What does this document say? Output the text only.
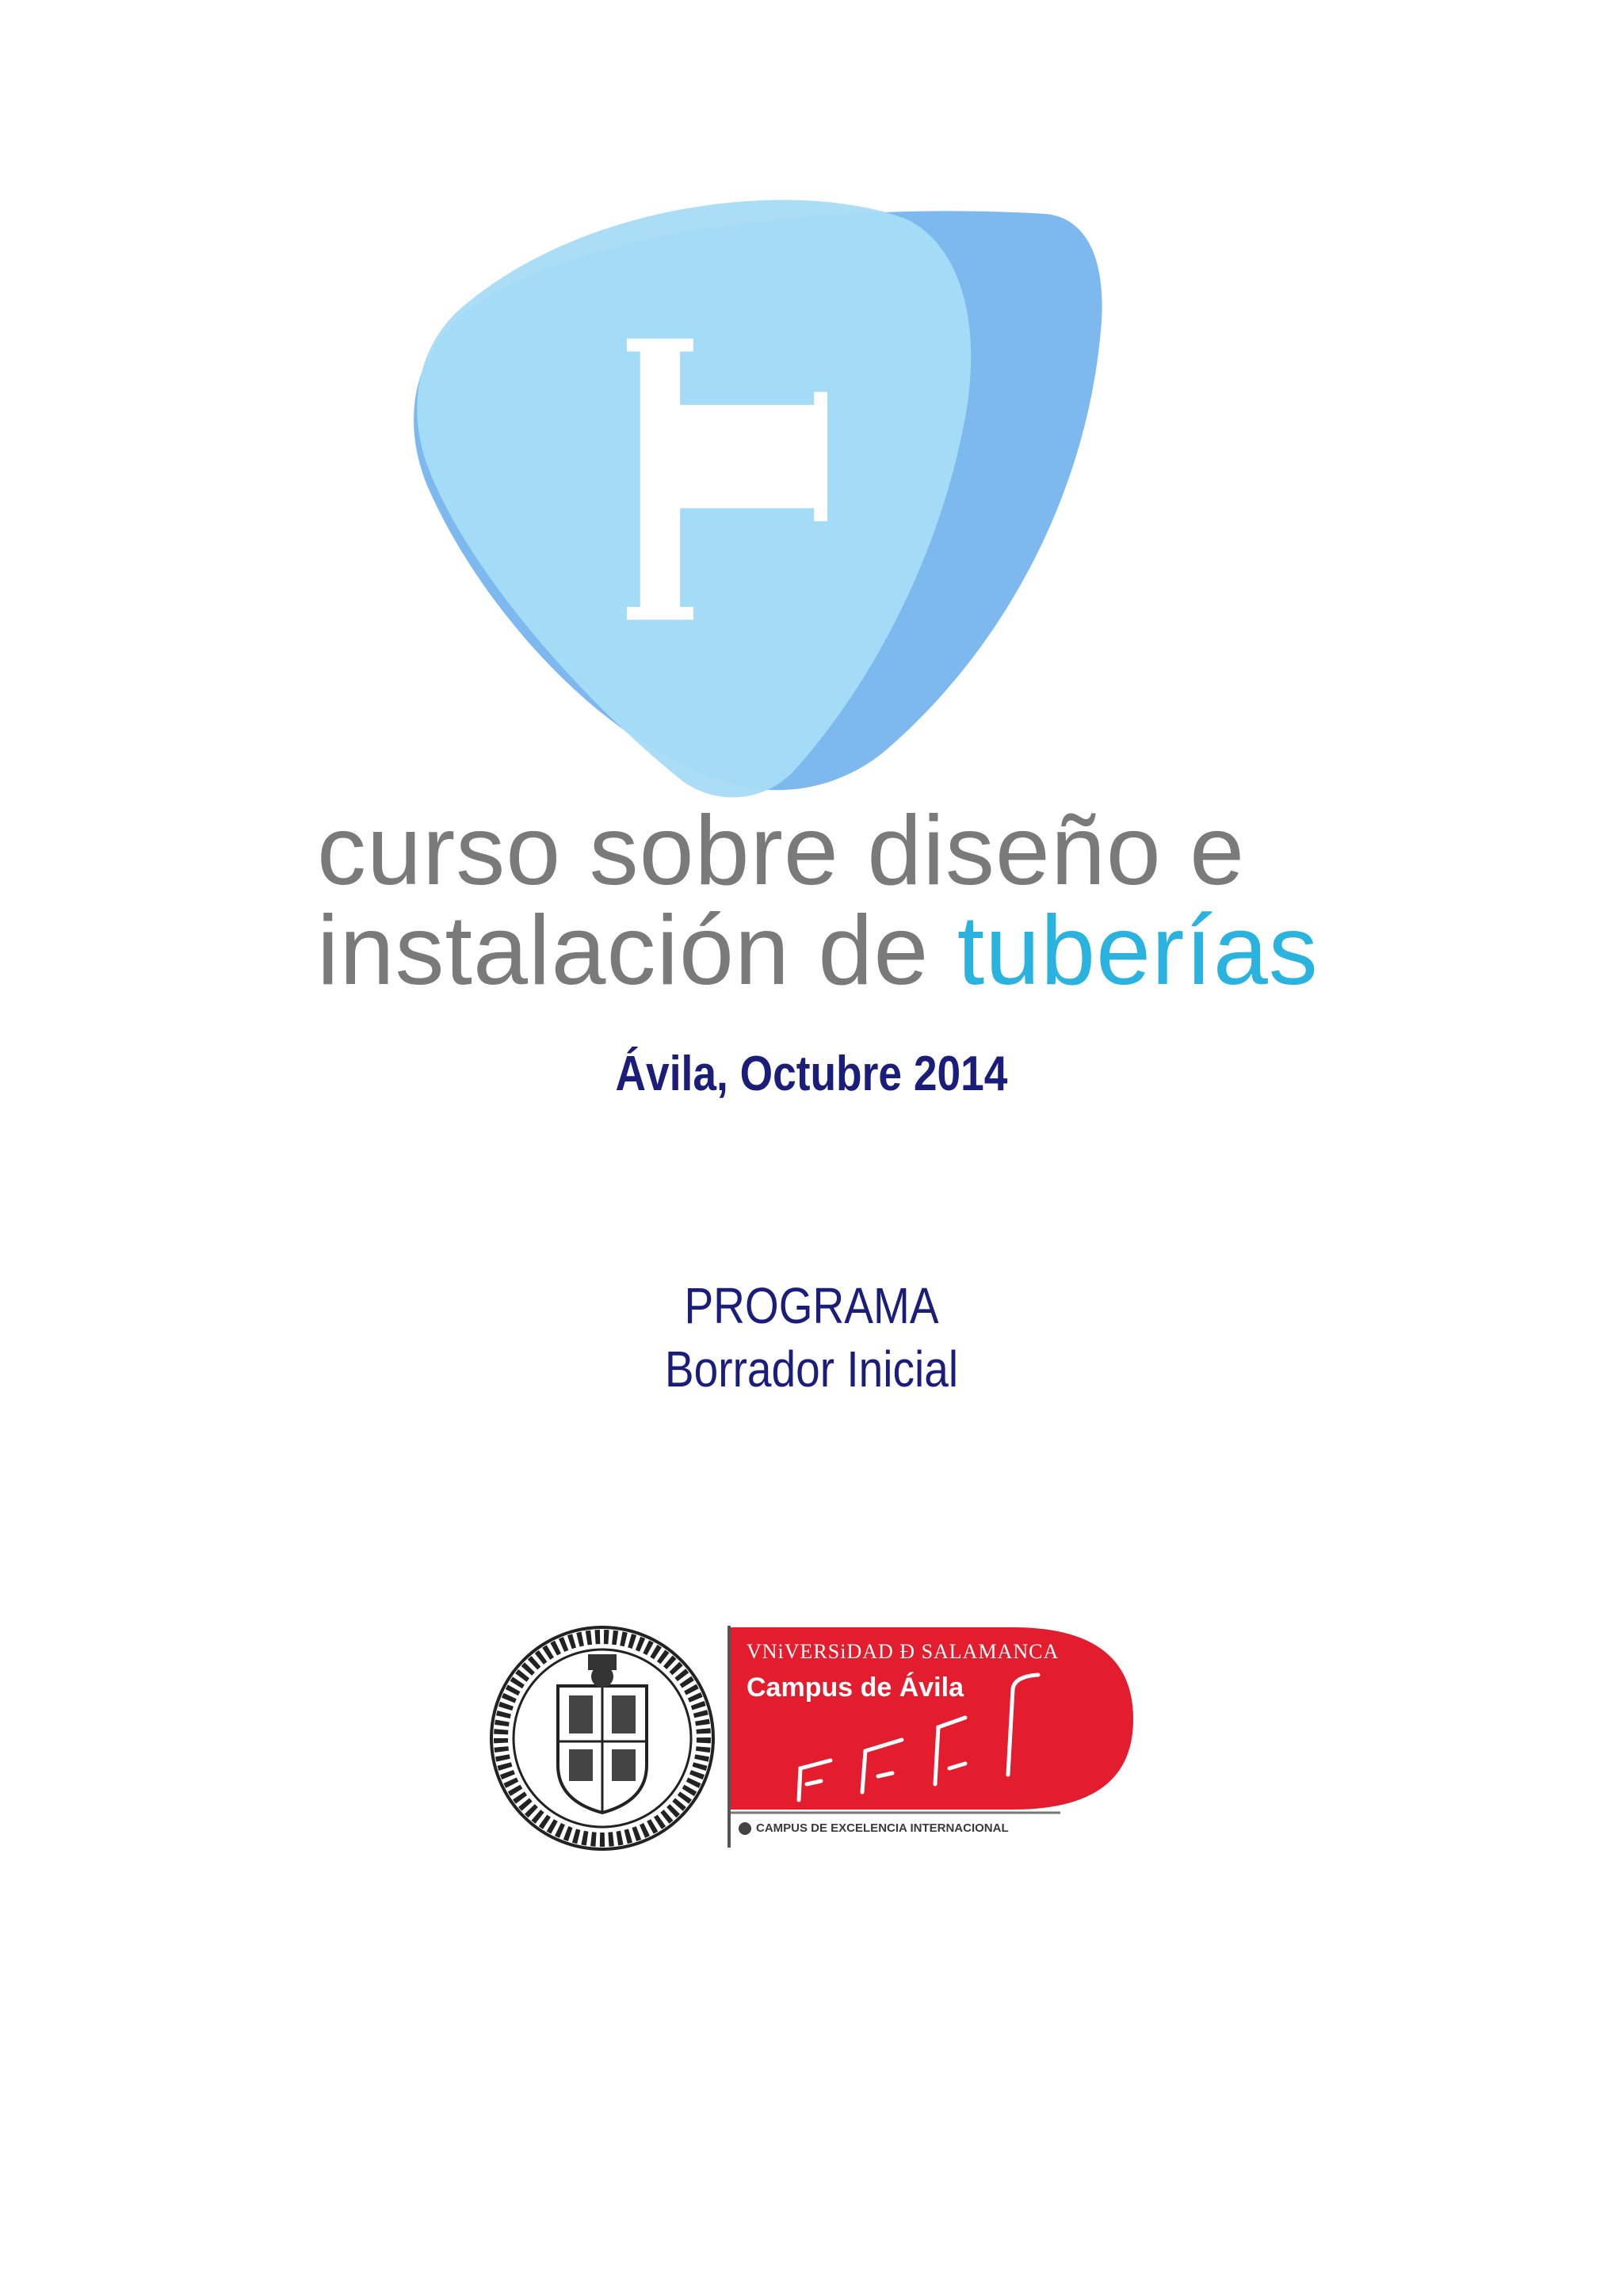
curso sobre diseño e

instalación de tuberías

Ávila, Octubre 2014

PROGRAMA

Borrador Inicial

VNiVERSiDAD Ð SALAMANCA

Campus de Ávila

CAMPUS DE EXCELENCIA INTERNACIONAL
